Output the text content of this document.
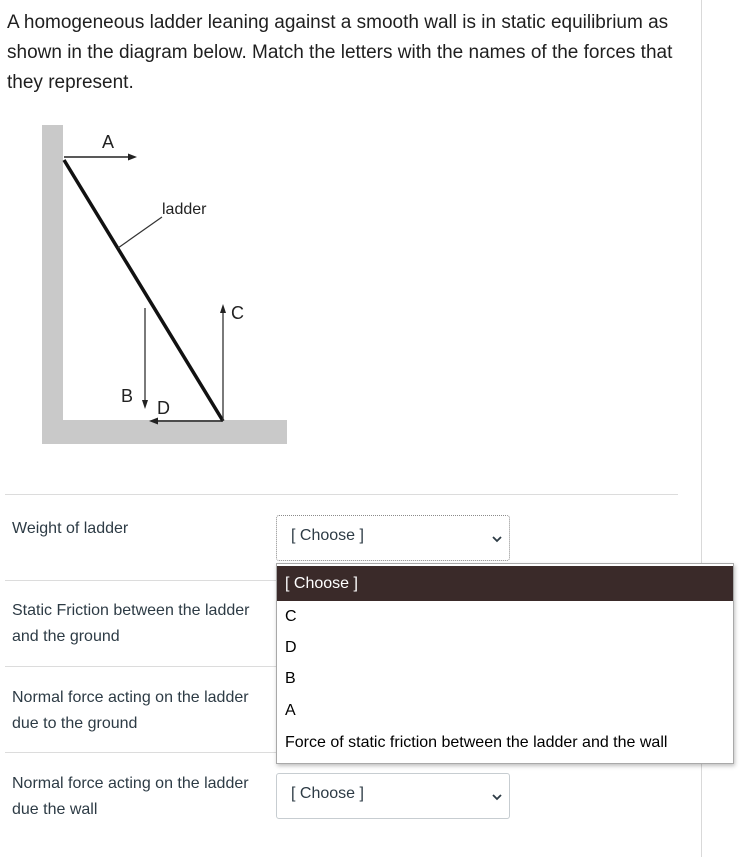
A homogeneous ladder leaning against a smooth wall is in static equilibrium as shown in the diagram below. Match the letters with the names of the forces that they represent.
ladder
A
B
C
D
Weight of ladder	[ Choose ]
Static Friction between the ladder and the ground
Normal force acting on the ladder due to the ground
Normal force acting on the ladder due the wall
[ Choose ]
[ Choose ]
C
D
B
A
Force of static friction between the ladder and the wall
